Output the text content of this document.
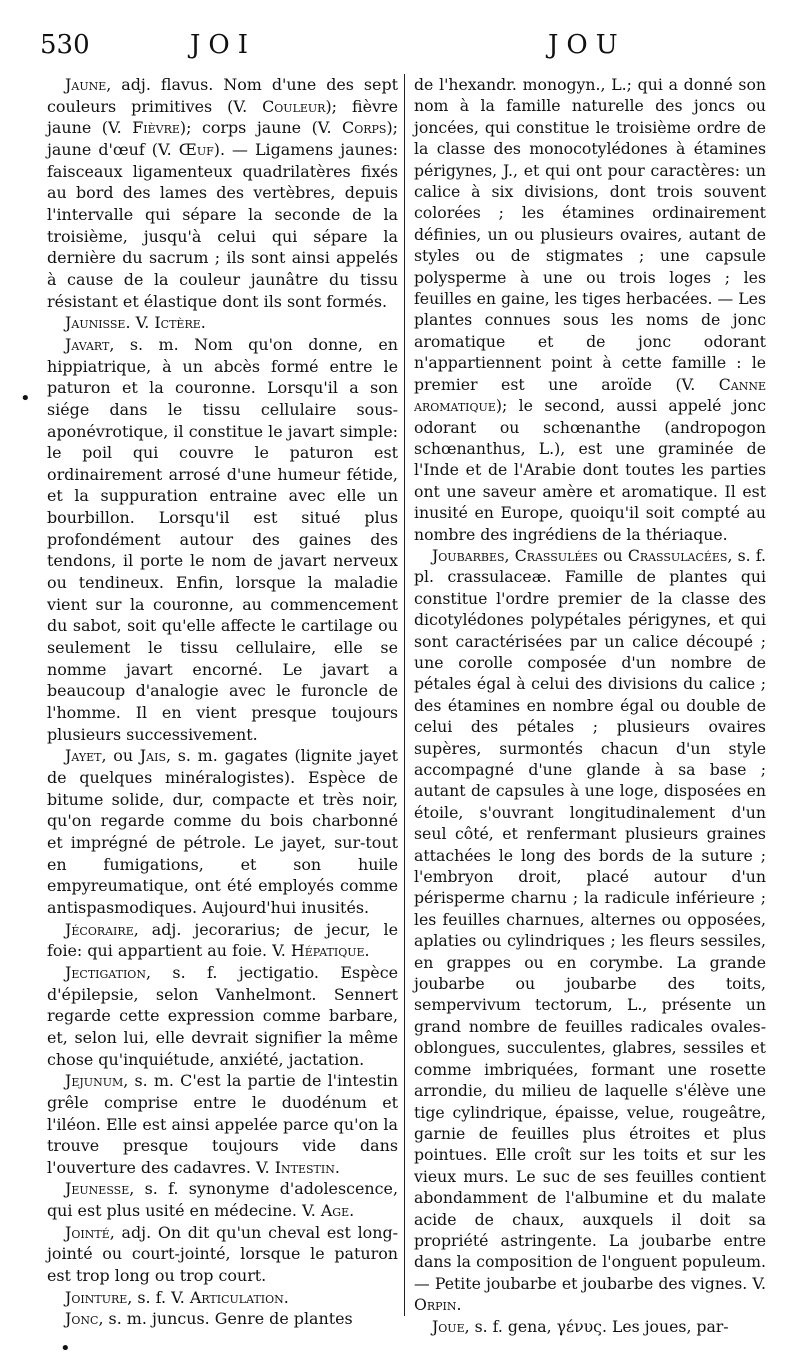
530	JOI	JOU

Jaune, adj. flavus. Nom d'une des sept couleurs primitives (V. Couleur); fièvre jaune (V. Fièvre); corps jaune (V. Corps); jaune d'œuf (V. Œuf). — Ligamens jaunes: faisceaux ligamenteux quadrilatères fixés au bord des lames des vertèbres, depuis l'intervalle qui sépare la seconde de la troisième, jusqu'à celui qui sépare la dernière du sacrum ; ils sont ainsi appelés à cause de la couleur jaunâtre du tissu résistant et élastique dont ils sont formés.

Jaunisse. V. Ictère.

Javart, s. m. Nom qu'on donne, en hippiatrique, à un abcès formé entre le paturon et la couronne. Lorsqu'il a son siége dans le tissu cellulaire sous-aponévrotique, il constitue le javart simple: le poil qui couvre le paturon est ordinairement arrosé d'une humeur fétide, et la suppuration entraine avec elle un bourbillon. Lorsqu'il est situé plus profondément autour des gaines des tendons, il porte le nom de javart nerveux ou tendineux. Enfin, lorsque la maladie vient sur la couronne, au commencement du sabot, soit qu'elle affecte le cartilage ou seulement le tissu cellulaire, elle se nomme javart encorné. Le javart a beaucoup d'analogie avec le furoncle de l'homme. Il en vient presque toujours plusieurs successivement.

Jayet, ou Jais, s. m. gagates (lignite jayet de quelques minéralogistes). Espèce de bitume solide, dur, compacte et très noir, qu'on regarde comme du bois charbonné et imprégné de pétrole. Le jayet, sur-tout en fumigations, et son huile empyreumatique, ont été employés comme antispasmodiques. Aujourd'hui inusités.

Jécoraire, adj. jecorarius; de jecur, le foie: qui appartient au foie. V. Hépatique.

Jectigation, s. f. jectigatio. Espèce d'épilepsie, selon Vanhelmont. Sennert regarde cette expression comme barbare, et, selon lui, elle devrait signifier la même chose qu'inquiétude, anxiété, jactation.

Jejunum, s. m. C'est la partie de l'intestin grêle comprise entre le duodénum et l'iléon. Elle est ainsi appelée parce qu'on la trouve presque toujours vide dans l'ouverture des cadavres. V. Intestin.

Jeunesse, s. f. synonyme d'adolescence, qui est plus usité en médecine. V. Age.

Jointé, adj. On dit qu'un cheval est long-jointé ou court-jointé, lorsque le paturon est trop long ou trop court.

Jointure, s. f. V. Articulation.

Jonc, s. m. juncus. Genre de plantes

de l'hexandr. monogyn., L.; qui a donné son nom à la famille naturelle des joncs ou joncées, qui constitue le troisième ordre de la classe des monocotylédones à étamines périgynes, J., et qui ont pour caractères: un calice à six divisions, dont trois souvent colorées ; les étamines ordinairement définies, un ou plusieurs ovaires, autant de styles ou de stigmates ; une capsule polysperme à une ou trois loges ; les feuilles en gaine, les tiges herbacées. — Les plantes connues sous les noms de jonc aromatique et de jonc odorant n'appartiennent point à cette famille : le premier est une aroïde (V. Canne aromatique); le second, aussi appelé jonc odorant ou schœnanthe (andropogon schœnanthus, L.), est une graminée de l'Inde et de l'Arabie dont toutes les parties ont une saveur amère et aromatique. Il est inusité en Europe, quoiqu'il soit compté au nombre des ingrédiens de la thériaque.

Joubarbes, Crassulées ou Crassulacées, s. f. pl. crassulaceæ. Famille de plantes qui constitue l'ordre premier de la classe des dicotylédones polypétales périgynes, et qui sont caractérisées par un calice découpé ; une corolle composée d'un nombre de pétales égal à celui des divisions du calice ; des étamines en nombre égal ou double de celui des pétales ; plusieurs ovaires supères, surmontés chacun d'un style accompagné d'une glande à sa base ; autant de capsules à une loge, disposées en étoile, s'ouvrant longitudinalement d'un seul côté, et renfermant plusieurs graines attachées le long des bords de la suture ; l'embryon droit, placé autour d'un périsperme charnu ; la radicule inférieure ; les feuilles charnues, alternes ou opposées, aplaties ou cylindriques ; les fleurs sessiles, en grappes ou en corymbe. La grande joubarbe ou joubarbe des toits, sempervivum tectorum, L., présente un grand nombre de feuilles radicales ovales-oblongues, succulentes, glabres, sessiles et comme imbriquées, formant une rosette arrondie, du milieu de laquelle s'élève une tige cylindrique, épaisse, velue, rougeâtre, garnie de feuilles plus étroites et plus pointues. Elle croît sur les toits et sur les vieux murs. Le suc de ses feuilles contient abondamment de l'albumine et du malate acide de chaux, auxquels il doit sa propriété astringente. La joubarbe entre dans la composition de l'onguent populeum. — Petite joubarbe et joubarbe des vignes. V. Orpin.

Joue, s. f. gena, γένυς. Les joues, par-

•
•
